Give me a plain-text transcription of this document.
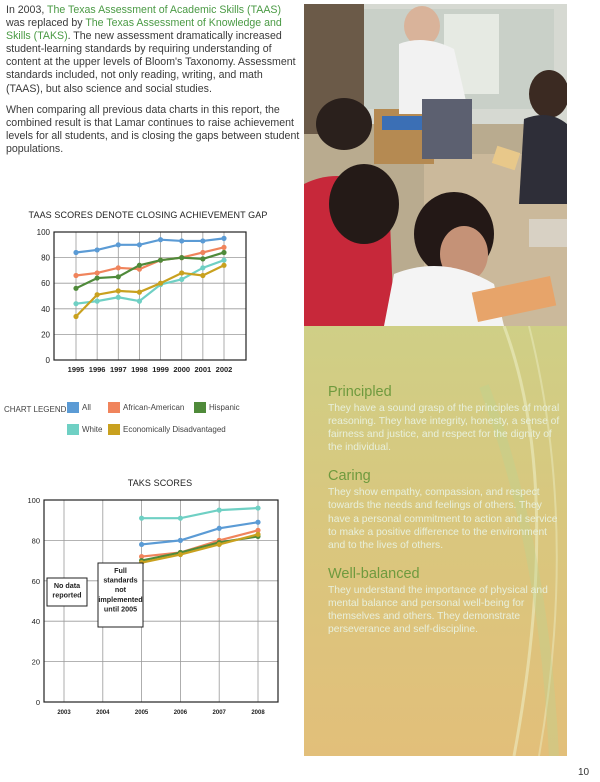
In 2003, The Texas Assessment of Academic Skills (TAAS) was replaced by The Texas Assessment of Knowledge and Skills (TAKS). The new assessment dramatically increased student-learning standards by requiring understanding of content at the upper levels of Bloom's Taxonomy. Assessment standards included, not only reading, writing, and math (TAAS), but also science and social studies.

When comparing all previous data charts in this report, the combined result is that Lamar continues to raise achievement levels for all students, and is closing the gaps between student populations.

TAAS SCORES DENOTE CLOSING ACHIEVEMENT GAP
0
20
40
60
80
100
1995 1996 1997 1998 1999 2000 2001 2002
CHART LEGEND All	African-American	Hispanic
White	Economically Disadvantaged
TAKS SCORES
0
20
40
60
80
100
2003	2004	2005	2006	2007	2008
No data reported
Full standards not implemented until 2005
Principled

They have a sound grasp of the principles of moral reasoning. They have integrity, honesty, a sense of fairness and justice, and respect for the dignity of the individual.

Caring

They show empathy, compassion, and respect towards the needs and feelings of others. They have a personal commitment to action and service to make a positive difference to the environment and to the lives of others.

Well-balanced

They understand the importance of physical and mental balance and personal well-being for themselves and others. They demonstrate perseverance and self-discipline.

10
